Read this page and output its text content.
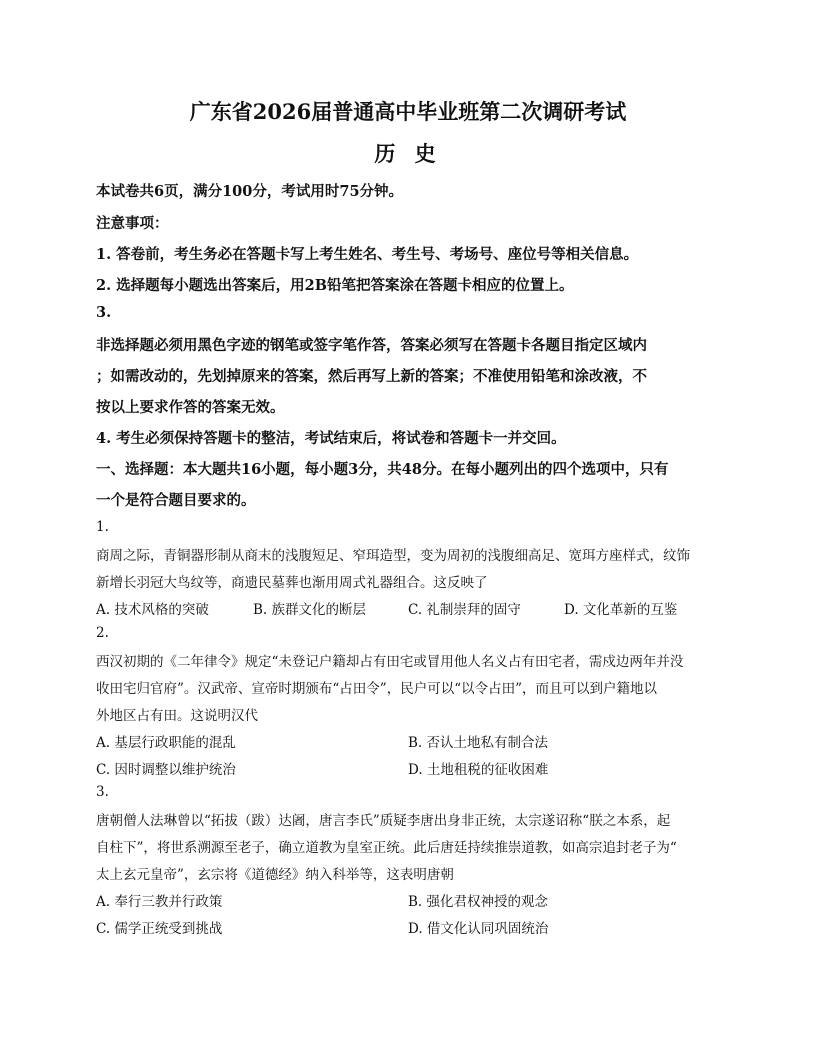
广东省2026届普通高中毕业班第二次调研考试
历 史
本试卷共6页，满分100分，考试用时75分钟。
注意事项：
1. 答卷前，考生务必在答题卡写上考生姓名、考生号、考场号、座位号等相关信息。
2. 选择题每小题选出答案后，用2B铅笔把答案涂在答题卡相应的位置上。
3.
非选择题必须用黑色字迹的钢笔或签字笔作答，答案必须写在答题卡各题目指定区域内
；如需改动的，先划掉原来的答案，然后再写上新的答案；不准使用铅笔和涂改液，不
按以上要求作答的答案无效。
4. 考生必须保持答题卡的整洁，考试结束后，将试卷和答题卡一并交回。
一、选择题：本大题共16小题，每小题3分，共48分。在每小题列出的四个选项中，只有
一个是符合题目要求的。
1.
商周之际，青铜器形制从商末的浅腹短足、窄珥造型，变为周初的浅腹细高足、宽珥方座样式，纹饰
新增长羽冠大鸟纹等，商遗民墓葬也渐用周式礼器组合。这反映了
A. 技术风格的突破	B. 族群文化的断层	C. 礼制崇拜的固守	D. 文化革新的互鉴
2.
西汉初期的《二年律令》规定“未登记户籍却占有田宅或冒用他人名义占有田宅者，需戍边两年并没
收田宅归官府”。汉武帝、宣帝时期颁布“占田令”，民户可以“以令占田”，而且可以到户籍地以
外地区占有田。这说明汉代
A. 基层行政职能的混乱	B. 否认土地私有制合法
C. 因时调整以维护统治	D. 土地租税的征收困难
3.
唐朝僧人法琳曾以“拓拔（跋）达阇，唐言李氏”质疑李唐出身非正统，太宗遂诏称“朕之本系，起
自柱下”，将世系溯源至老子，确立道教为皇室正统。此后唐廷持续推崇道教，如高宗追封老子为“
太上玄元皇帝”，玄宗将《道德经》纳入科举等，这表明唐朝
A. 奉行三教并行政策	B. 强化君权神授的观念
C. 儒学正统受到挑战	D. 借文化认同巩固统治
